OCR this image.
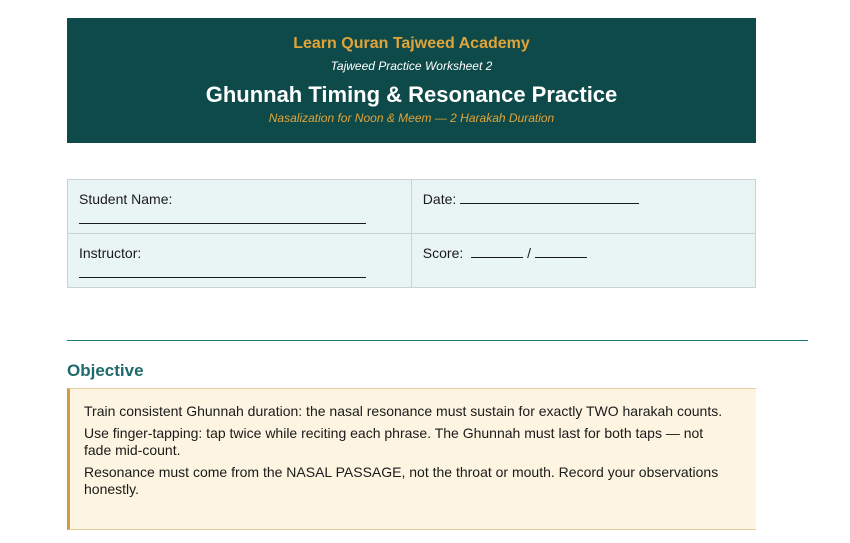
Learn Quran Tajweed Academy
Tajweed Practice Worksheet 2
Ghunnah Timing & Resonance Practice
Nasalization for Noon & Meem — 2 Harakah Duration
Student Name:	Date:
Instructor:	Score: /
Objective

Train consistent Ghunnah duration: the nasal resonance must sustain for exactly TWO harakah counts.

Use finger-tapping: tap twice while reciting each phrase. The Ghunnah must last for both taps — not fade mid-count.

Resonance must come from the NASAL PASSAGE, not the throat or mouth. Record your observations honestly.
